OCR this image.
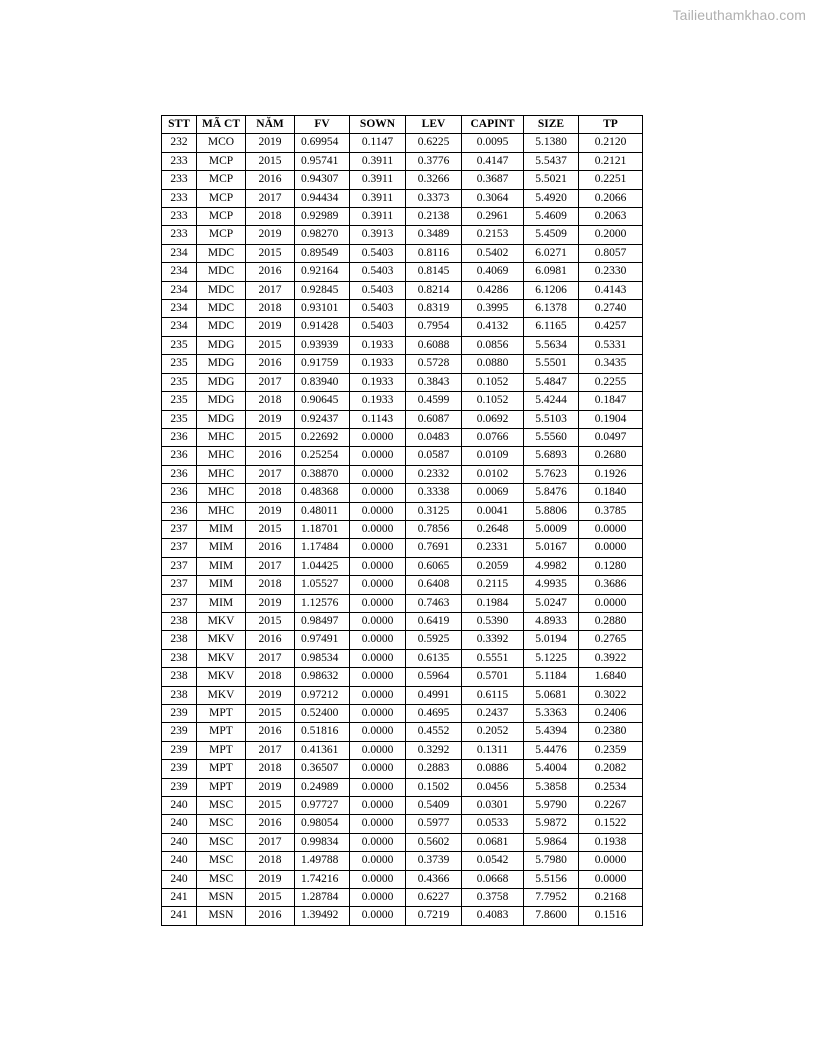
Tailieuthamkhao.com
STT	MÃ CT	NĂM	FV	SOWN	LEV	CAPINT	SIZE	TP
232	MCO	2019	0.69954	0.1147	0.6225	0.0095	5.1380	0.2120
233	MCP	2015	0.95741	0.3911	0.3776	0.4147	5.5437	0.2121
233	MCP	2016	0.94307	0.3911	0.3266	0.3687	5.5021	0.2251
233	MCP	2017	0.94434	0.3911	0.3373	0.3064	5.4920	0.2066
233	MCP	2018	0.92989	0.3911	0.2138	0.2961	5.4609	0.2063
233	MCP	2019	0.98270	0.3913	0.3489	0.2153	5.4509	0.2000
234	MDC	2015	0.89549	0.5403	0.8116	0.5402	6.0271	0.8057
234	MDC	2016	0.92164	0.5403	0.8145	0.4069	6.0981	0.2330
234	MDC	2017	0.92845	0.5403	0.8214	0.4286	6.1206	0.4143
234	MDC	2018	0.93101	0.5403	0.8319	0.3995	6.1378	0.2740
234	MDC	2019	0.91428	0.5403	0.7954	0.4132	6.1165	0.4257
235	MDG	2015	0.93939	0.1933	0.6088	0.0856	5.5634	0.5331
235	MDG	2016	0.91759	0.1933	0.5728	0.0880	5.5501	0.3435
235	MDG	2017	0.83940	0.1933	0.3843	0.1052	5.4847	0.2255
235	MDG	2018	0.90645	0.1933	0.4599	0.1052	5.4244	0.1847
235	MDG	2019	0.92437	0.1143	0.6087	0.0692	5.5103	0.1904
236	MHC	2015	0.22692	0.0000	0.0483	0.0766	5.5560	0.0497
236	MHC	2016	0.25254	0.0000	0.0587	0.0109	5.6893	0.2680
236	MHC	2017	0.38870	0.0000	0.2332	0.0102	5.7623	0.1926
236	MHC	2018	0.48368	0.0000	0.3338	0.0069	5.8476	0.1840
236	MHC	2019	0.48011	0.0000	0.3125	0.0041	5.8806	0.3785
237	MIM	2015	1.18701	0.0000	0.7856	0.2648	5.0009	0.0000
237	MIM	2016	1.17484	0.0000	0.7691	0.2331	5.0167	0.0000
237	MIM	2017	1.04425	0.0000	0.6065	0.2059	4.9982	0.1280
237	MIM	2018	1.05527	0.0000	0.6408	0.2115	4.9935	0.3686
237	MIM	2019	1.12576	0.0000	0.7463	0.1984	5.0247	0.0000
238	MKV	2015	0.98497	0.0000	0.6419	0.5390	4.8933	0.2880
238	MKV	2016	0.97491	0.0000	0.5925	0.3392	5.0194	0.2765
238	MKV	2017	0.98534	0.0000	0.6135	0.5551	5.1225	0.3922
238	MKV	2018	0.98632	0.0000	0.5964	0.5701	5.1184	1.6840
238	MKV	2019	0.97212	0.0000	0.4991	0.6115	5.0681	0.3022
239	MPT	2015	0.52400	0.0000	0.4695	0.2437	5.3363	0.2406
239	MPT	2016	0.51816	0.0000	0.4552	0.2052	5.4394	0.2380
239	MPT	2017	0.41361	0.0000	0.3292	0.1311	5.4476	0.2359
239	MPT	2018	0.36507	0.0000	0.2883	0.0886	5.4004	0.2082
239	MPT	2019	0.24989	0.0000	0.1502	0.0456	5.3858	0.2534
240	MSC	2015	0.97727	0.0000	0.5409	0.0301	5.9790	0.2267
240	MSC	2016	0.98054	0.0000	0.5977	0.0533	5.9872	0.1522
240	MSC	2017	0.99834	0.0000	0.5602	0.0681	5.9864	0.1938
240	MSC	2018	1.49788	0.0000	0.3739	0.0542	5.7980	0.0000
240	MSC	2019	1.74216	0.0000	0.4366	0.0668	5.5156	0.0000
241	MSN	2015	1.28784	0.0000	0.6227	0.3758	7.7952	0.2168
241	MSN	2016	1.39492	0.0000	0.7219	0.4083	7.8600	0.1516
